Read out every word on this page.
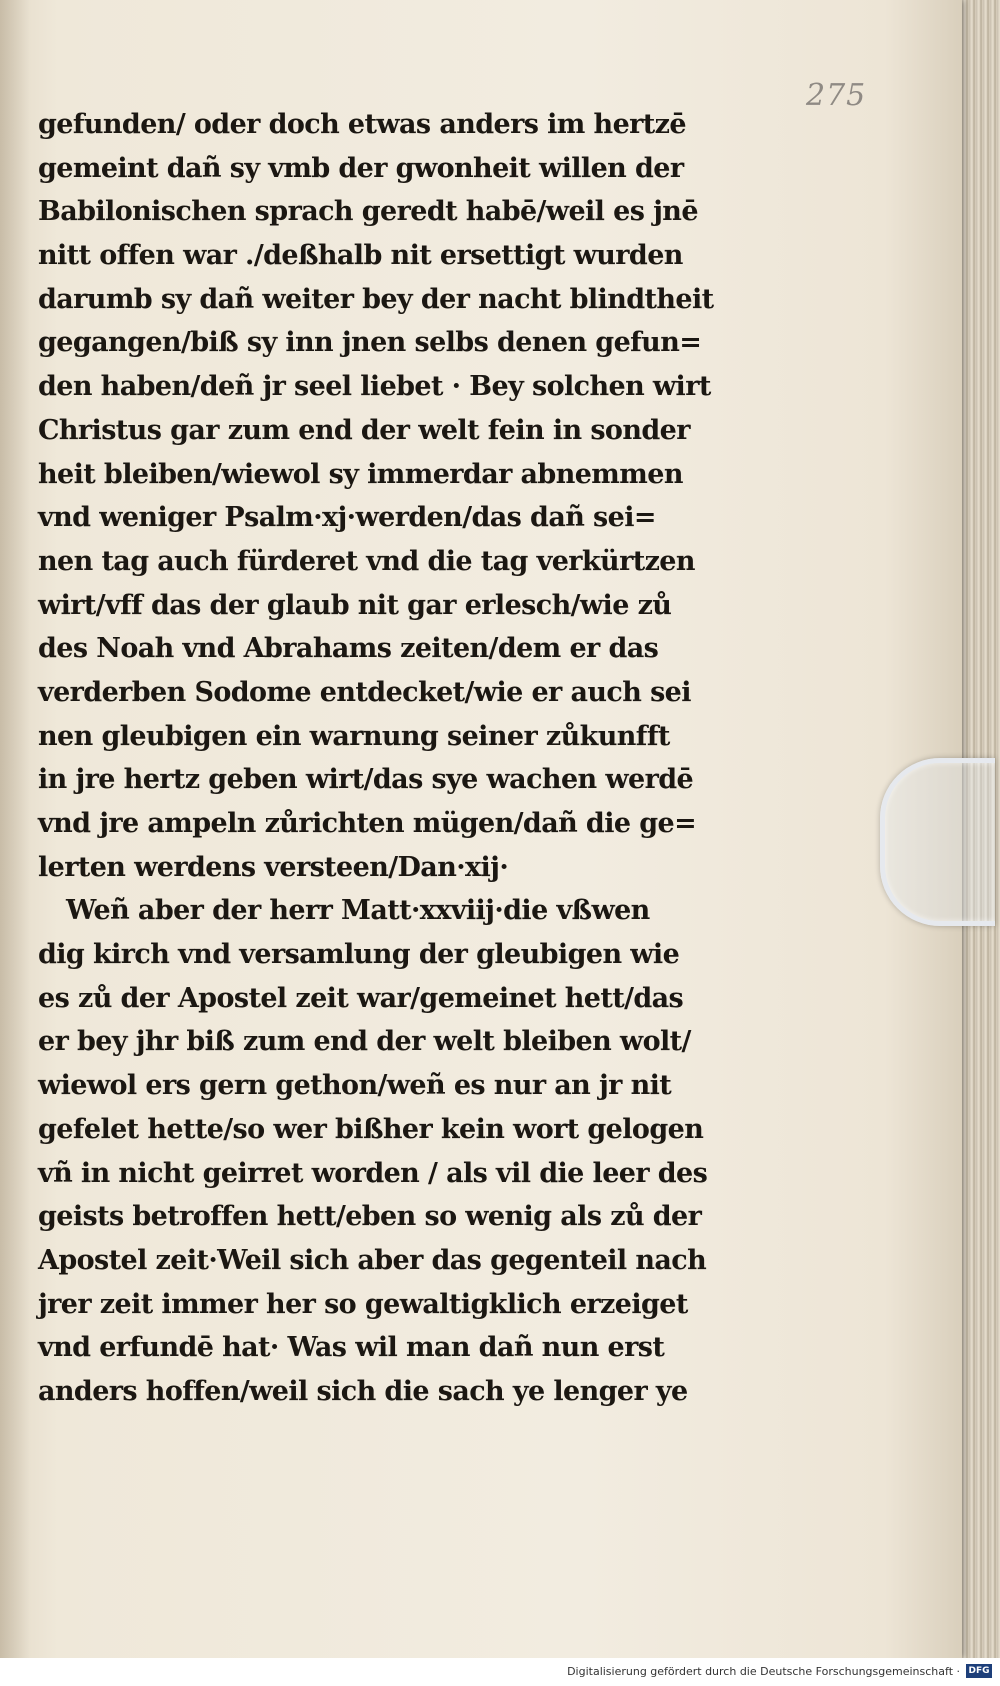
275
gefunden/ oder doch etwas anders im hertzē
gemeint dañ sy vmb der gwonheit willen der
Babilonischen sprach geredt habē/weil es jnē
nitt offen war ./deßhalb nit ersettigt wurden
darumb sy dañ weiter bey der nacht blindtheit
gegangen/biß sy inn jnen selbs denen gefun=
den haben/deñ jr seel liebet · Bey solchen wirt
Christus gar zum end der welt fein in sonder
heit bleiben/wiewol sy immerdar abnemmen
vnd weniger Psalm·xj·werden/das dañ sei=
nen tag auch fürderet vnd die tag verkürtzen
wirt/vff das der glaub nit gar erlesch/wie zů
des Noah vnd Abrahams zeiten/dem er das
verderben Sodome entdecket/wie er auch sei
nen gleubigen ein warnung seiner zůkunfft
in jre hertz geben wirt/das sye wachen werdē
vnd jre ampeln zůrichten mügen/dañ die ge=
lerten werdens versteen/Dan·xij·
Weñ aber der herr Matt·xxviij·die vßwen
dig kirch vnd versamlung der gleubigen wie
es zů der Apostel zeit war/gemeinet hett/das
er bey jhr biß zum end der welt bleiben wolt/
wiewol ers gern gethon/weñ es nur an jr nit
gefelet hette/so wer bißher kein wort gelogen
vñ in nicht geirret worden / als vil die leer des
geists betroffen hett/eben so wenig als zů der
Apostel zeit·Weil sich aber das gegenteil nach
jrer zeit immer her so gewaltigklich erzeiget
vnd erfundē hat· Was wil man dañ nun erst
anders hoffen/weil sich die sach ye lenger ye
Digitalisierung gefördert durch die Deutsche Forschungsgemeinschaft · DFG
